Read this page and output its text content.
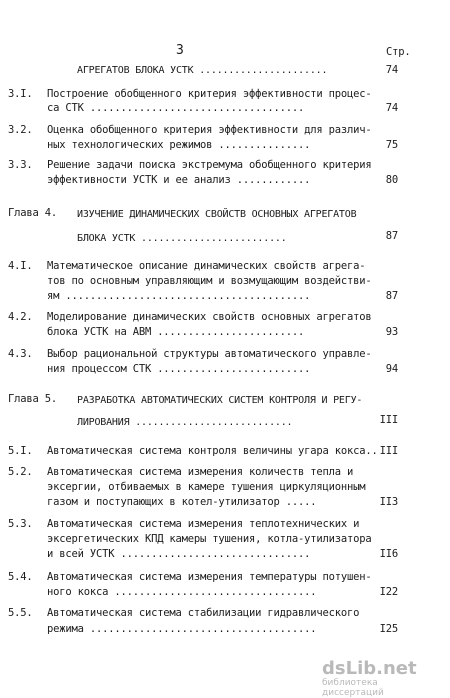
3	Стр.
АГРЕГАТОВ БЛОКА УСТК ......................	74
3.I. Построение обобщенного критерия эффективности процес-
са СТК ...................................	74
3.2. Оценка обобщенного критерия эффективности для различ-
ных технологических режимов ...............	75
3.3. Решение задачи поиска экстремума обобщенного критерия
эффективности УСТК и ее анализ ............	80
Глава 4. ИЗУЧЕНИЕ ДИНАМИЧЕСКИХ СВОЙСТВ ОСНОВНЫХ АГРЕГАТОВ
БЛОКА УСТК .........................	87
4.I. Математическое описание динамических свойств агрега-
тов по основным управляющим и возмущающим воздействи-
ям ........................................	87
4.2. Моделирование динамических свойств основных агрегатов
блока УСТК на АВМ ........................	93
4.3. Выбор рациональной структуры автоматического управле-
ния процессом СТК .........................	94
Глава 5. РАЗРАБОТКА АВТОМАТИЧЕСКИХ СИСТЕМ КОНТРОЛЯ И РЕГУ-
ЛИРОВАНИЯ ...........................	III
5.I. Автоматическая система контроля величины угара кокса.. III
5.2. Автоматическая система измерения количеств тепла и
эксергии, отбиваемых в камере тушения циркуляционным
газом и поступающих в котел-утилизатор .....	II3
5.3. Автоматическая система измерения теплотехнических и
эксергетических КПД камеры тушения, котла-утилизатора
и всей УСТК ...............................	II6
5.4. Автоматическая система измерения температуры потушен-
ного кокса .................................	I22
5.5. Автоматическая система стабилизации гидравлического
режима .....................................	I25
dsLib.net
библиотека диссертаций
